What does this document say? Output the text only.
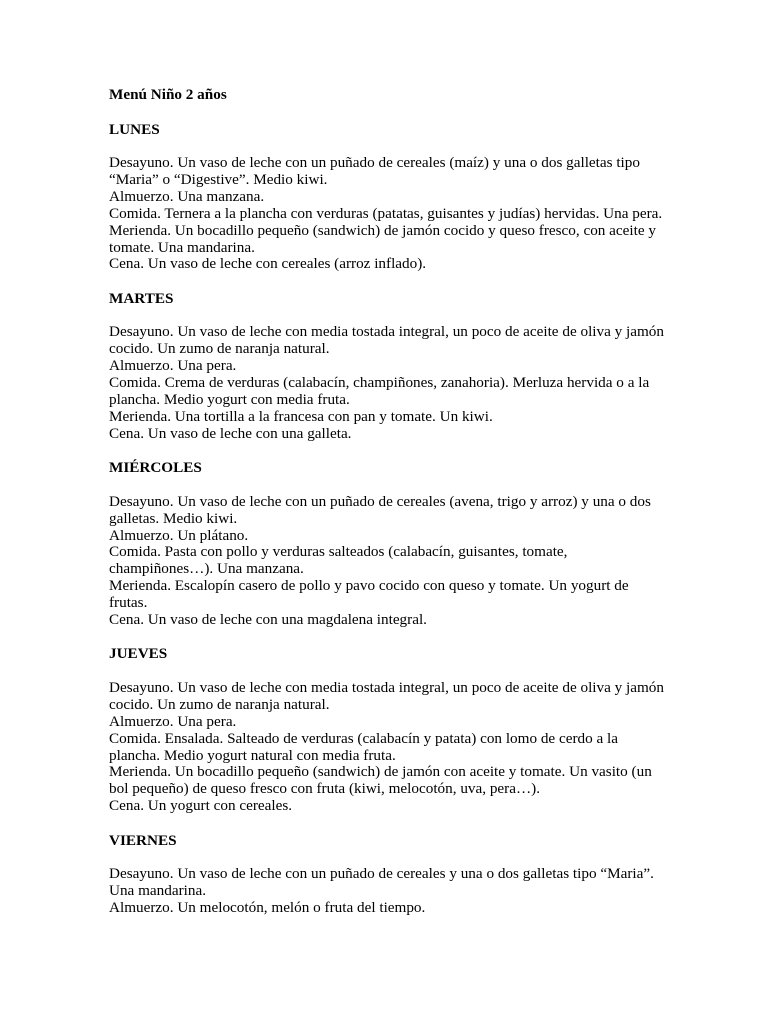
Menú Niño 2 años
LUNES
Desayuno. Un vaso de leche con un puñado de cereales (maíz) y una o dos galletas tipo “Maria” o “Digestive”. Medio kiwi.
Almuerzo. Una manzana.
Comida. Ternera a la plancha con verduras (patatas, guisantes y judías) hervidas. Una pera.
Merienda. Un bocadillo pequeño (sandwich) de jamón cocido y queso fresco, con aceite y tomate. Una mandarina.
Cena. Un vaso de leche con cereales (arroz inflado).
MARTES
Desayuno. Un vaso de leche con media tostada integral, un poco de aceite de oliva y jamón cocido. Un zumo de naranja natural.
Almuerzo. Una pera.
Comida. Crema de verduras (calabacín, champiñones, zanahoria). Merluza hervida o a la plancha. Medio yogurt con media fruta.
Merienda. Una tortilla a la francesa con pan y tomate. Un kiwi.
Cena. Un vaso de leche con una galleta.
MIÉRCOLES
Desayuno. Un vaso de leche con un puñado de cereales (avena, trigo y arroz) y una o dos galletas. Medio kiwi.
Almuerzo. Un plátano.
Comida. Pasta con pollo y verduras salteados (calabacín, guisantes, tomate, champiñones…). Una manzana.
Merienda. Escalopín casero de pollo y pavo cocido con queso y tomate. Un yogurt de frutas.
Cena. Un vaso de leche con una magdalena integral.
JUEVES
Desayuno. Un vaso de leche con media tostada integral, un poco de aceite de oliva y jamón cocido. Un zumo de naranja natural.
Almuerzo. Una pera.
Comida. Ensalada. Salteado de verduras (calabacín y patata) con lomo de cerdo a la plancha. Medio yogurt natural con media fruta.
Merienda. Un bocadillo pequeño (sandwich) de jamón con aceite y tomate. Un vasito (un bol pequeño) de queso fresco con fruta (kiwi, melocotón, uva, pera…).
Cena. Un yogurt con cereales.
VIERNES
Desayuno. Un vaso de leche con un puñado de cereales y una o dos galletas tipo “Maria”. Una mandarina.
Almuerzo. Un melocotón, melón o fruta del tiempo.
